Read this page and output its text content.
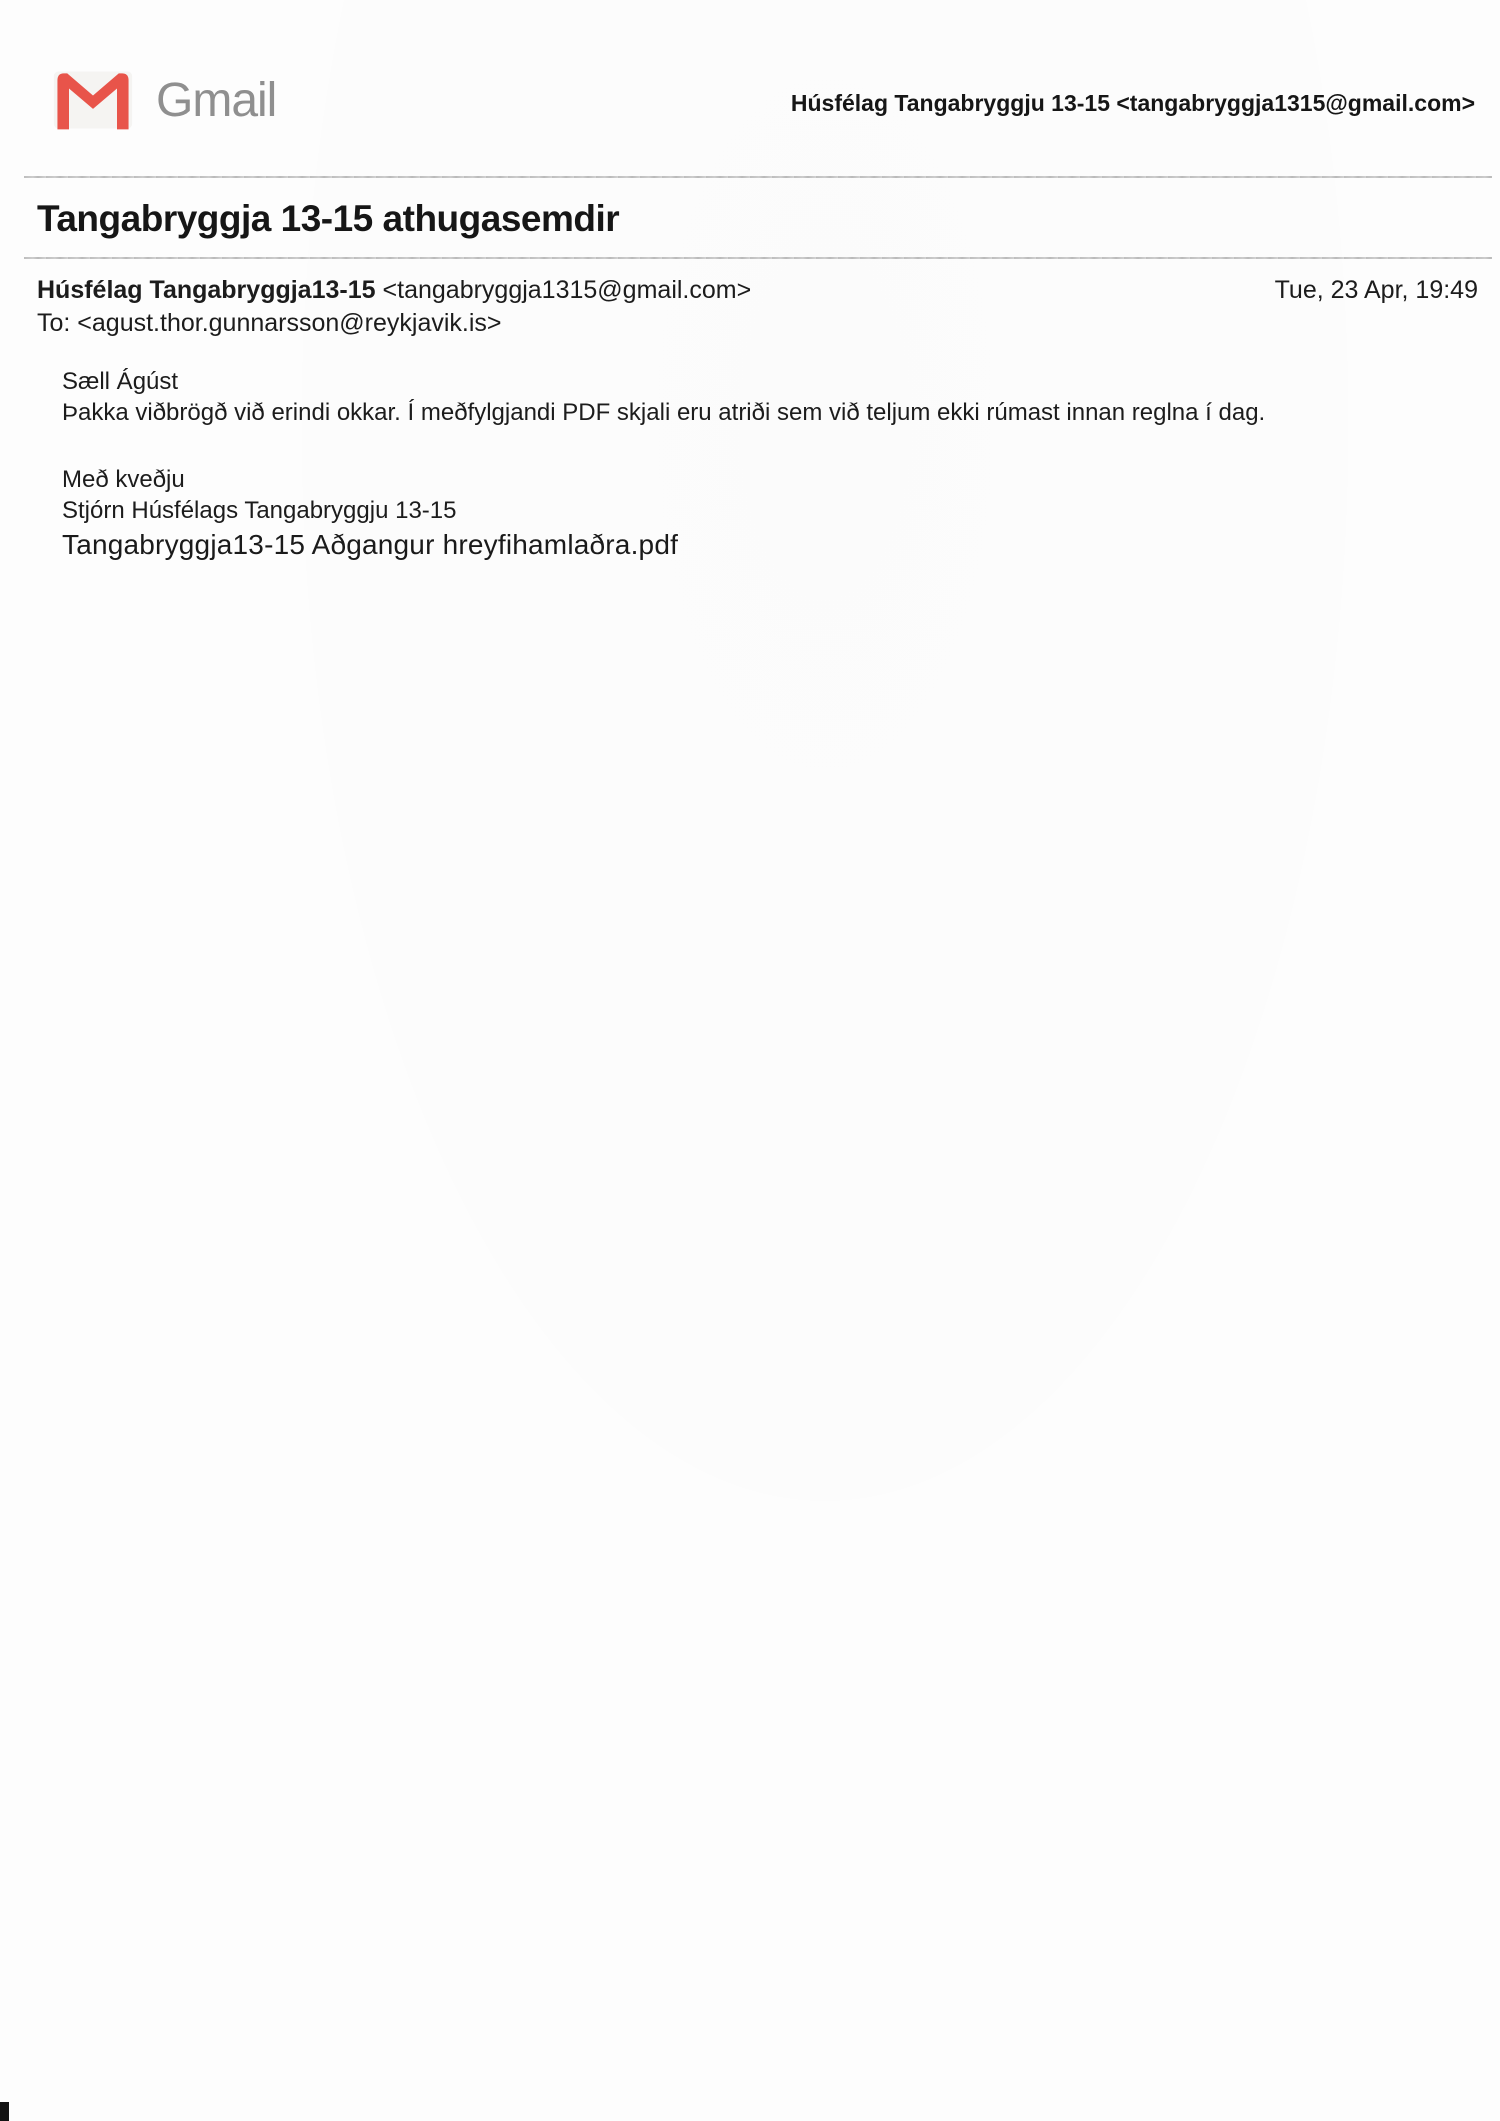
Gmail	Húsfélag Tangabryggju 13-15 <tangabryggja1315@gmail.com>
Tangabryggja 13-15 athugasemdir
Húsfélag Tangabryggja13-15 <tangabryggja1315@gmail.com>	Tue, 23 Apr, 19:49
To: <agust.thor.gunnarsson@reykjavik.is>
Sæll Ágúst
Þakka viðbrögð við erindi okkar. Í meðfylgjandi PDF skjali eru atriði sem við teljum ekki rúmast innan reglna í dag.
Með kveðju
Stjórn Húsfélags Tangabryggju 13-15
Tangabryggja13-15 Aðgangur hreyfihamlaðra.pdf
